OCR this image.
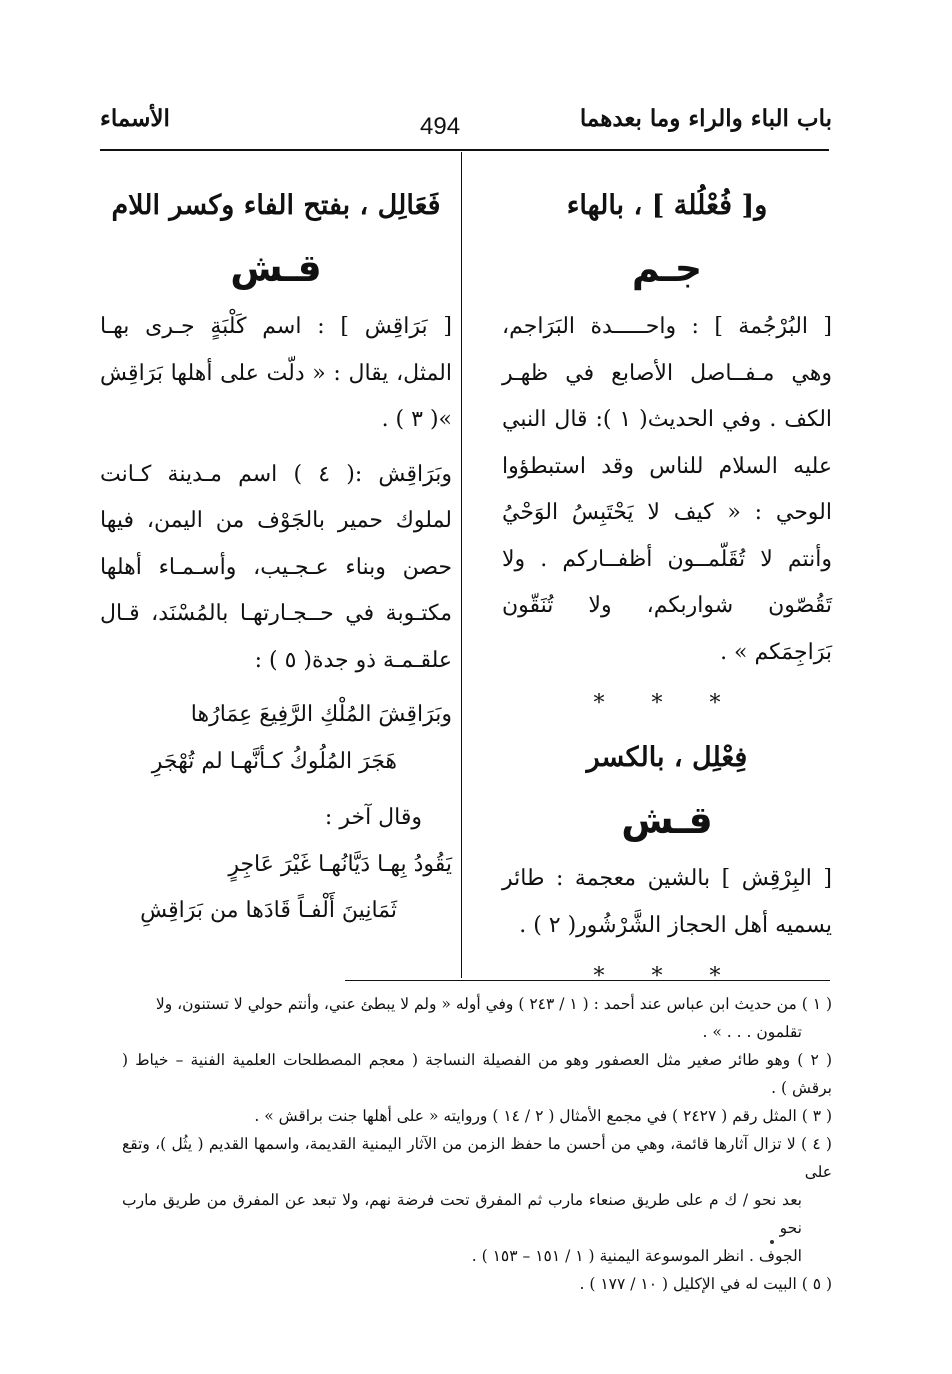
باب الباء والراء وما بعدهما
494
الأسماء
و[ فُعْلُلة ] ، بالهاء
جـم

[ البُرْجُمة ] : واحـــــدة البَرَاجم، وهي مـفــاصل الأصابع في ظهـر الكف . وفي الحديث( ١ ): قال النبي عليه السلام للناس وقد استبطؤوا الوحي : « كيف لا يَحْتَبِسُ الوَحْيُ وأنتم لا تُقَلّمــون أظفــاركم . ولا تَقُصّون شواربكم، ولا تُنَقّون بَرَاجِمَكم » .

* * *
فِعْلِل ، بالكسر
قـش

[ البِرْقِش ] بالشين معجمة : طائر يسميه أهل الحجاز الشَّرْشُور( ٢ ) .

* * *
فَعَالِل ، بفتح الفاء وكسر اللام
قـش

[ بَرَاقِش ] : اسم كَلْبَةٍ جـرى بهـا المثل، يقال : « دلّت على أهلها بَرَاقِش »( ٣ ) .

وبَرَاقِش :( ٤ ) اسم مـدينة كـانت لملوك حمير بالجَوْف من اليمن، فيها حصن وبناء عـجـيب، وأسـمـاء أهلها مكتـوبة في حــجـارتهـا بالمُسْنَد، قـال علقـمـة ذو جدة( ٥ ) :

وبَرَاقِشَ المُلْكِ الرَّفِيعَ عِمَارُها
هَجَرَ المُلُوكُ كـأنَّهـا لم تُهْجَرِ
وقال آخر :
يَقُودُ بِهـا دَيَّانُهـا غَيْرَ عَاجِرٍ
ثَمَانِينَ أَلْفـاً قَادَها من بَرَاقِشِ

( ١ ) من حديث ابن عباس عند أحمد : ( ١ / ٢٤٣ ) وفي أوله « ولم لا يبطئ عني، وأنتم حولي لا تستنون، ولا

تقلمون . . . » .

( ٢ ) وهو طائر صغير مثل العصفور وهو من الفصيلة النساجة ( معجم المصطلحات العلمية الفنية – خياط ( برقش ) .

( ٣ ) المثل رقم ( ٢٤٢٧ ) في مجمع الأمثال ( ٢ / ١٤ ) وروايته « على أهلها جنت براقش » .

( ٤ ) لا تزال آثارها قائمة، وهي من أحسن ما حفظ الزمن من الآثار اليمنية القديمة، واسمها القديم ( يثُل )، وتقع على

بعد نحو / ك م على طريق صنعاء مارب ثم المفرق تحت فرضة نهم، ولا تبعد عن المفرق من طريق مارب نحو

الجوف . انظر الموسوعة اليمنية ( ١ / ١٥١ – ١٥٣ ) .

( ٥ ) البيت له في الإكليل ( ١٠ / ١٧٧ ) .
